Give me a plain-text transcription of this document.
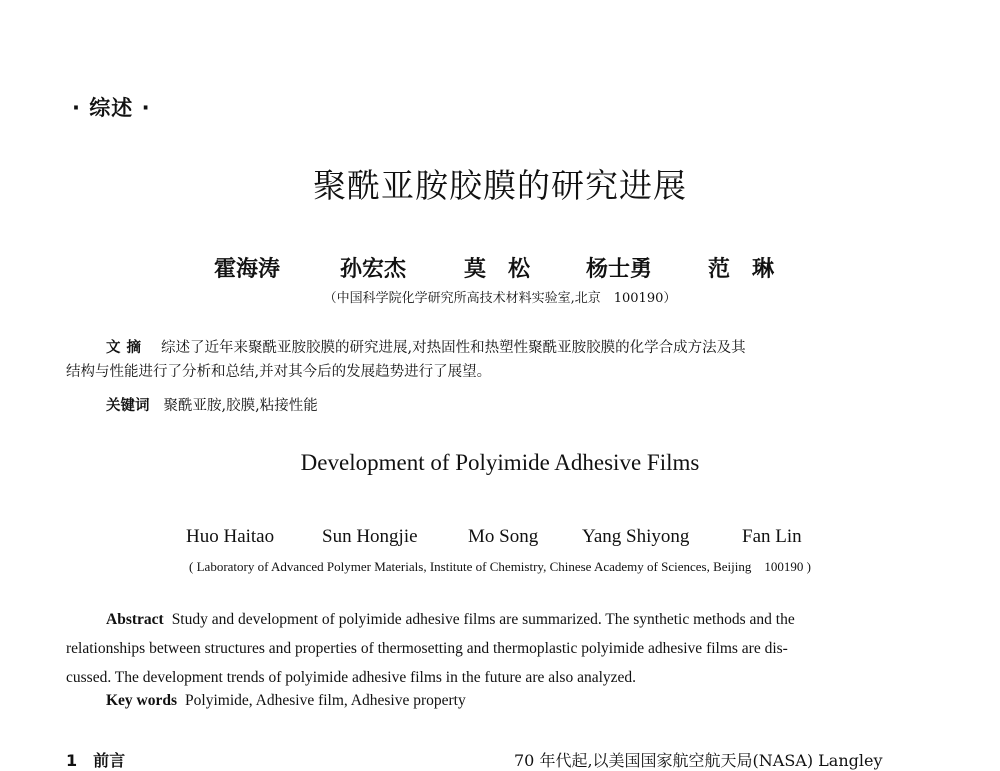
· 综述 ·
聚酰亚胺胶膜的研究进展
霍海涛	孙宏杰	莫　松	杨士勇	范　琳
（中国科学院化学研究所高技术材料实验室,北京　100190）
文摘 综述了近年来聚酰亚胺胶膜的研究进展,对热固性和热塑性聚酰亚胺胶膜的化学合成方法及其
结构与性能进行了分析和总结,并对其今后的发展趋势进行了展望。
关键词 聚酰亚胺,胶膜,粘接性能
Development of Polyimide Adhesive Films
Huo Haitao	Sun Hongjie	Mo Song Yang Shiyong	Fan Lin
( Laboratory of Advanced Polymer Materials, Institute of Chemistry, Chinese Academy of Sciences, Beijing　100190 )
Abstract Study and development of polyimide adhesive films are summarized. The synthetic methods and the
relationships between structures and properties of thermosetting and thermoplastic polyimide adhesive films are dis-
cussed. The development trends of polyimide adhesive films in the future are also analyzed.
Key words Polyimide, Adhesive film, Adhesive property
1　前言	70 年代起,以美国国家航空航天局(NASA) Langley
